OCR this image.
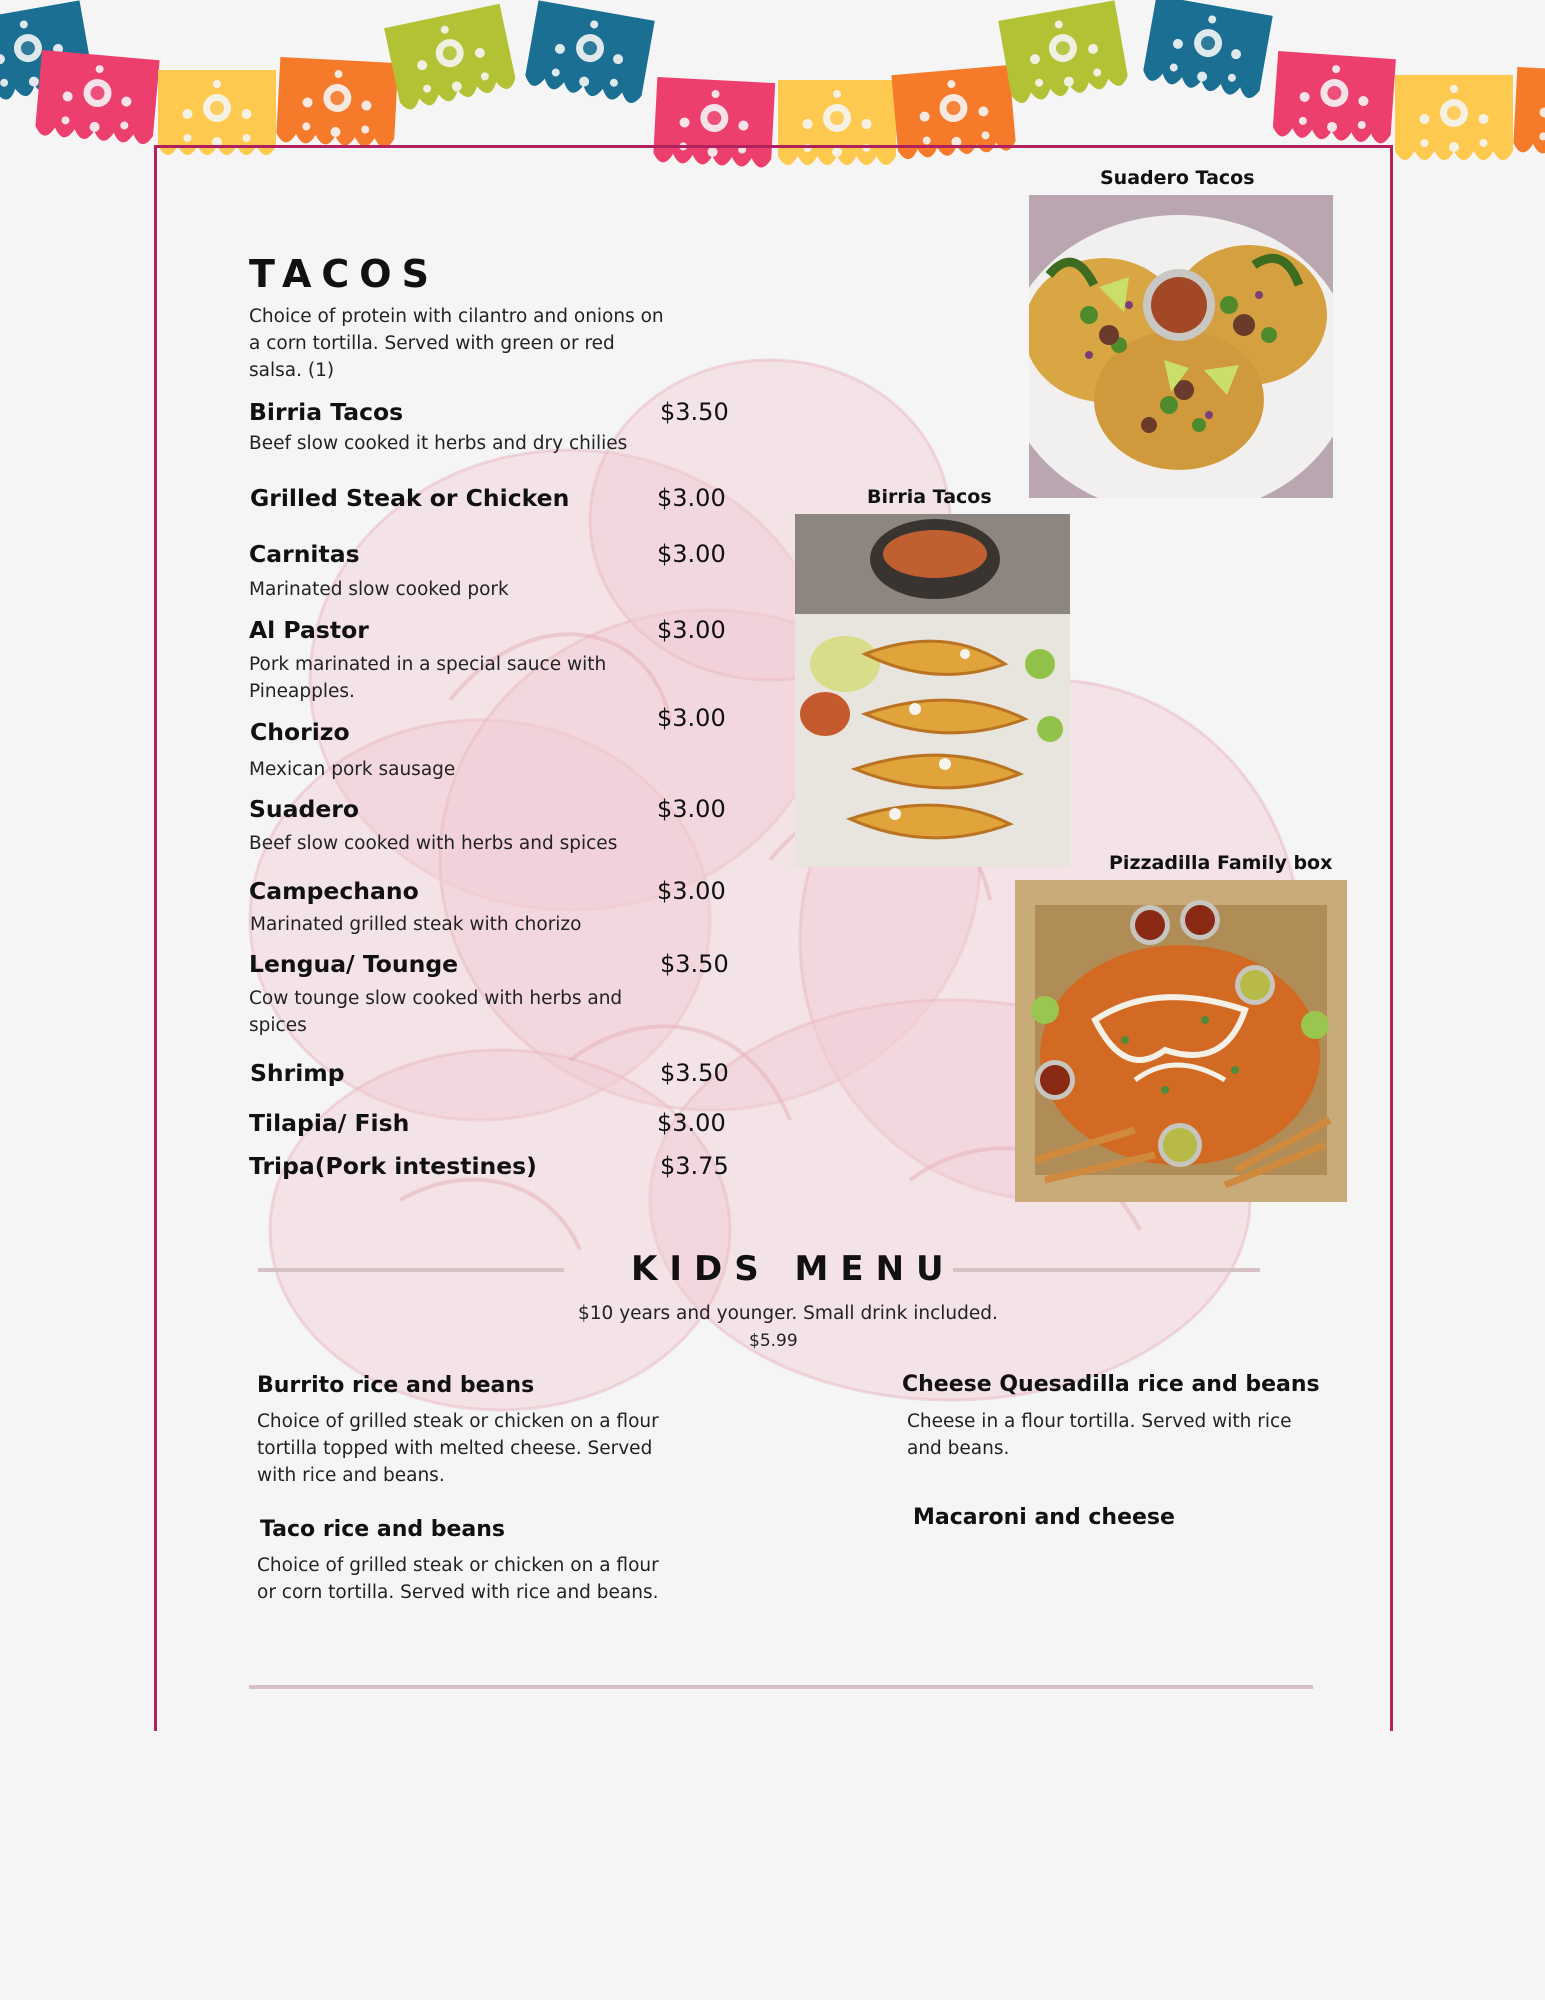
TACOS
Choice of protein with cilantro and onions on a corn tortilla. Served with green or red salsa. (1)
Birria Tacos	$3.50
Beef slow cooked it herbs and dry chilies
Grilled Steak or Chicken	$3.00
Carnitas	$3.00
Marinated slow cooked pork
Al Pastor	$3.00
Pork marinated in a special sauce with Pineapples.
Chorizo	$3.00
Mexican pork sausage
Suadero	$3.00
Beef slow cooked with herbs and spices
Campechano	$3.00
Marinated grilled steak with chorizo
Lengua/ Tounge	$3.50
Cow tounge slow cooked with herbs and spices
Shrimp	$3.50
Tilapia/ Fish	$3.00
Tripa(Pork intestines)	$3.75
Suadero Tacos
Birria Tacos
Pizzadilla Family box
KIDS MENU
$10 years and younger. Small drink included.
$5.99
Burrito rice and beans
Choice of grilled steak or chicken on a flour tortilla topped with melted cheese. Served with rice and beans.
Taco rice and beans
Choice of grilled steak or chicken on a flour or corn tortilla. Served with rice and beans.
Cheese Quesadilla rice and beans
Cheese in a flour tortilla. Served with rice and beans.
Macaroni and cheese
